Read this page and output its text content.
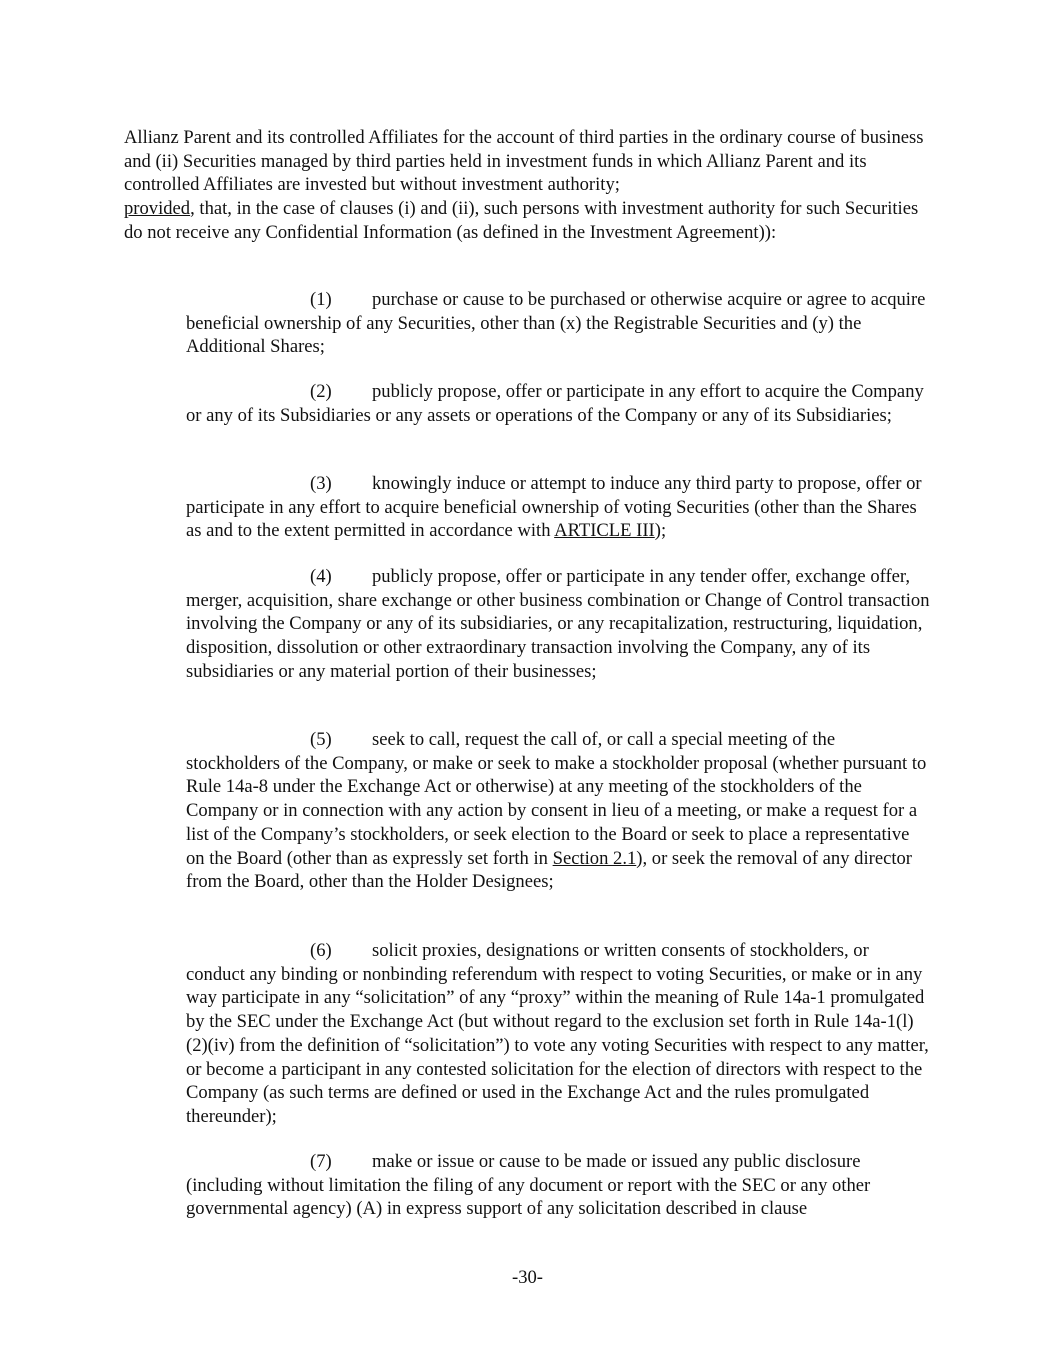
Allianz Parent and its controlled Affiliates for the account of third parties in the ordinary course of business and (ii) Securities managed by third parties held in investment funds in which Allianz Parent and its controlled Affiliates are invested but without investment authority;
provided, that, in the case of clauses (i) and (ii), such persons with investment authority for such Securities do not receive any Confidential Information (as defined in the Investment Agreement)):

(1) purchase or cause to be purchased or otherwise acquire or agree to acquire beneficial ownership of any Securities, other than (x) the Registrable Securities and (y) the Additional Shares;

(2) publicly propose, offer or participate in any effort to acquire the Company or any of its Subsidiaries or any assets or operations of the Company or any of its Subsidiaries;

(3) knowingly induce or attempt to induce any third party to propose, offer or participate in any effort to acquire beneficial ownership of voting Securities (other than the Shares as and to the extent permitted in accordance with ARTICLE III);

(4) publicly propose, offer or participate in any tender offer, exchange offer, merger, acquisition, share exchange or other business combination or Change of Control transaction involving the Company or any of its subsidiaries, or any recapitalization, restructuring, liquidation, disposition, dissolution or other extraordinary transaction involving the Company, any of its subsidiaries or any material portion of their businesses;

(5) seek to call, request the call of, or call a special meeting of the stockholders of the Company, or make or seek to make a stockholder proposal (whether pursuant to Rule 14a-8 under the Exchange Act or otherwise) at any meeting of the stockholders of the Company or in connection with any action by consent in lieu of a meeting, or make a request for a list of the Company’s stockholders, or seek election to the Board or seek to place a representative on the Board (other than as expressly set forth in Section 2.1), or seek the removal of any director from the Board, other than the Holder Designees;

(6) solicit proxies, designations or written consents of stockholders, or conduct any binding or nonbinding referendum with respect to voting Securities, or make or in any way participate in any “solicitation” of any “proxy” within the meaning of Rule 14a-1 promulgated by the SEC under the Exchange Act (but without regard to the exclusion set forth in Rule 14a-1(l)(2)(iv) from the definition of “solicitation”) to vote any voting Securities with respect to any matter, or become a participant in any contested solicitation for the election of directors with respect to the Company (as such terms are defined or used in the Exchange Act and the rules promulgated thereunder);

(7) make or issue or cause to be made or issued any public disclosure (including without limitation the filing of any document or report with the SEC or any other governmental agency) (A) in express support of any solicitation described in clause

-30-
